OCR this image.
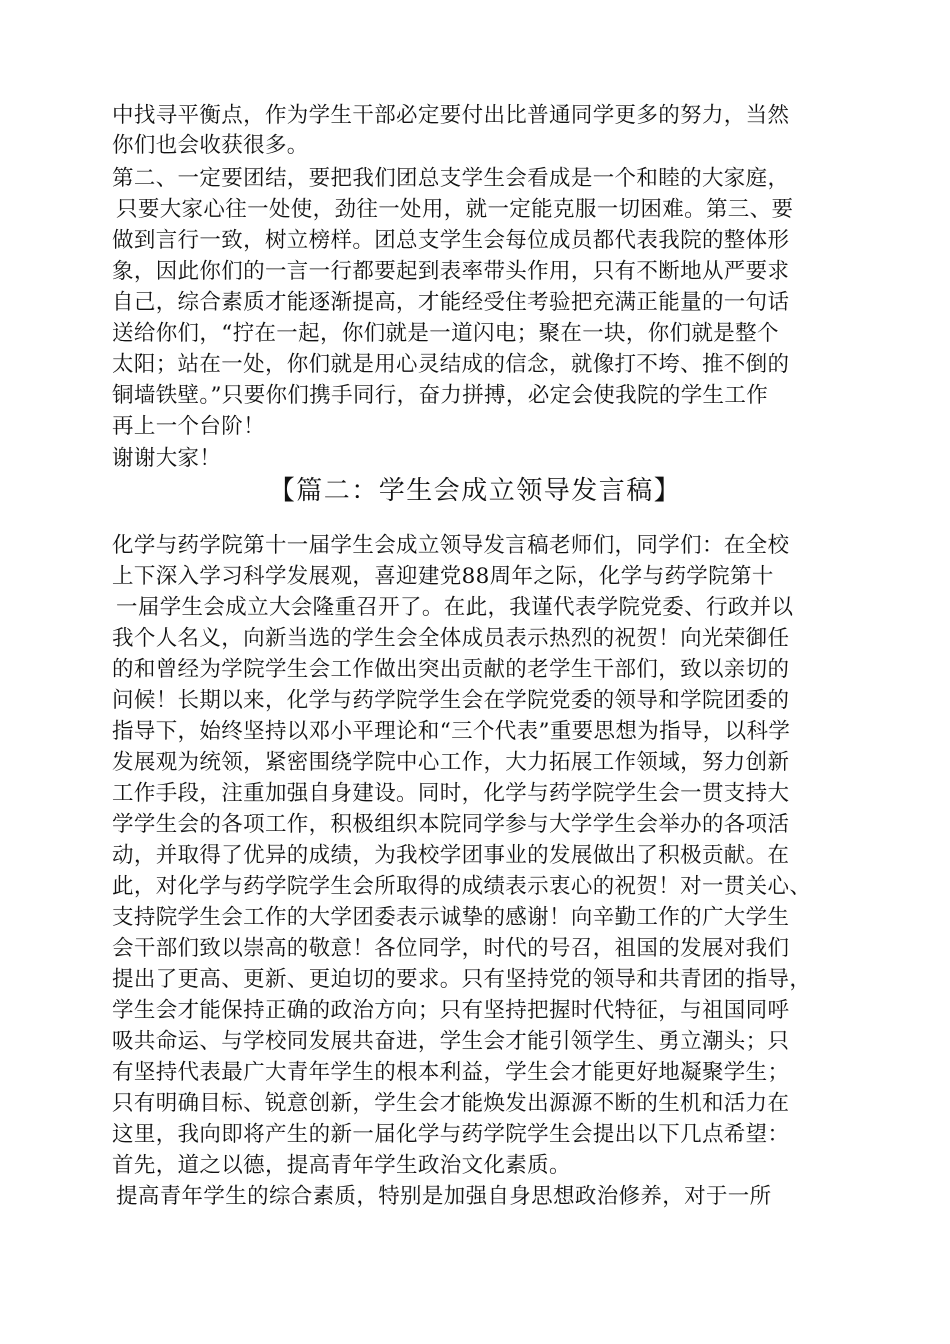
中找寻平衡点，作为学生干部必定要付出比普通同学更多的努力，当然
你们也会收获很多。
第二、一定要团结，要把我们团总支学生会看成是一个和睦的大家庭，
只要大家心往一处使，劲往一处用，就一定能克服一切困难。第三、要
做到言行一致，树立榜样。团总支学生会每位成员都代表我院的整体形
象，因此你们的一言一行都要起到表率带头作用，只有不断地从严要求
自己，综合素质才能逐渐提高，才能经受住考验把充满正能量的一句话
送给你们，“拧在一起，你们就是一道闪电；聚在一块，你们就是整个
太阳；站在一处，你们就是用心灵结成的信念，就像打不垮、推不倒的
铜墙铁壁。”只要你们携手同行，奋力拼搏，必定会使我院的学生工作
再上一个台阶！
谢谢大家！
【篇二：学生会成立领导发言稿】
化学与药学院第十一届学生会成立领导发言稿老师们，同学们：在全校
上下深入学习科学发展观，喜迎建党88周年之际，化学与药学院第十
一届学生会成立大会隆重召开了。在此，我谨代表学院党委、行政并以
我个人名义，向新当选的学生会全体成员表示热烈的祝贺！向光荣御任
的和曾经为学院学生会工作做出突出贡献的老学生干部们，致以亲切的
问候！长期以来，化学与药学院学生会在学院党委的领导和学院团委的
指导下，始终坚持以邓小平理论和“三个代表”重要思想为指导，以科学
发展观为统领，紧密围绕学院中心工作，大力拓展工作领域，努力创新
工作手段，注重加强自身建设。同时，化学与药学院学生会一贯支持大
学学生会的各项工作，积极组织本院同学参与大学学生会举办的各项活
动，并取得了优异的成绩，为我校学团事业的发展做出了积极贡献。在
此，对化学与药学院学生会所取得的成绩表示衷心的祝贺！对一贯关心、
支持院学生会工作的大学团委表示诚挚的感谢！向辛勤工作的广大学生
会干部们致以崇高的敬意！各位同学，时代的号召，祖国的发展对我们
提出了更高、更新、更迫切的要求。只有坚持党的领导和共青团的指导，
学生会才能保持正确的政治方向；只有坚持把握时代特征，与祖国同呼
吸共命运、与学校同发展共奋进，学生会才能引领学生、勇立潮头；只
有坚持代表最广大青年学生的根本利益，学生会才能更好地凝聚学生；
只有明确目标、锐意创新，学生会才能焕发出源源不断的生机和活力在
这里，我向即将产生的新一届化学与药学院学生会提出以下几点希望：
首先，道之以德，提高青年学生政治文化素质。
提高青年学生的综合素质，特别是加强自身思想政治修养，对于一所
